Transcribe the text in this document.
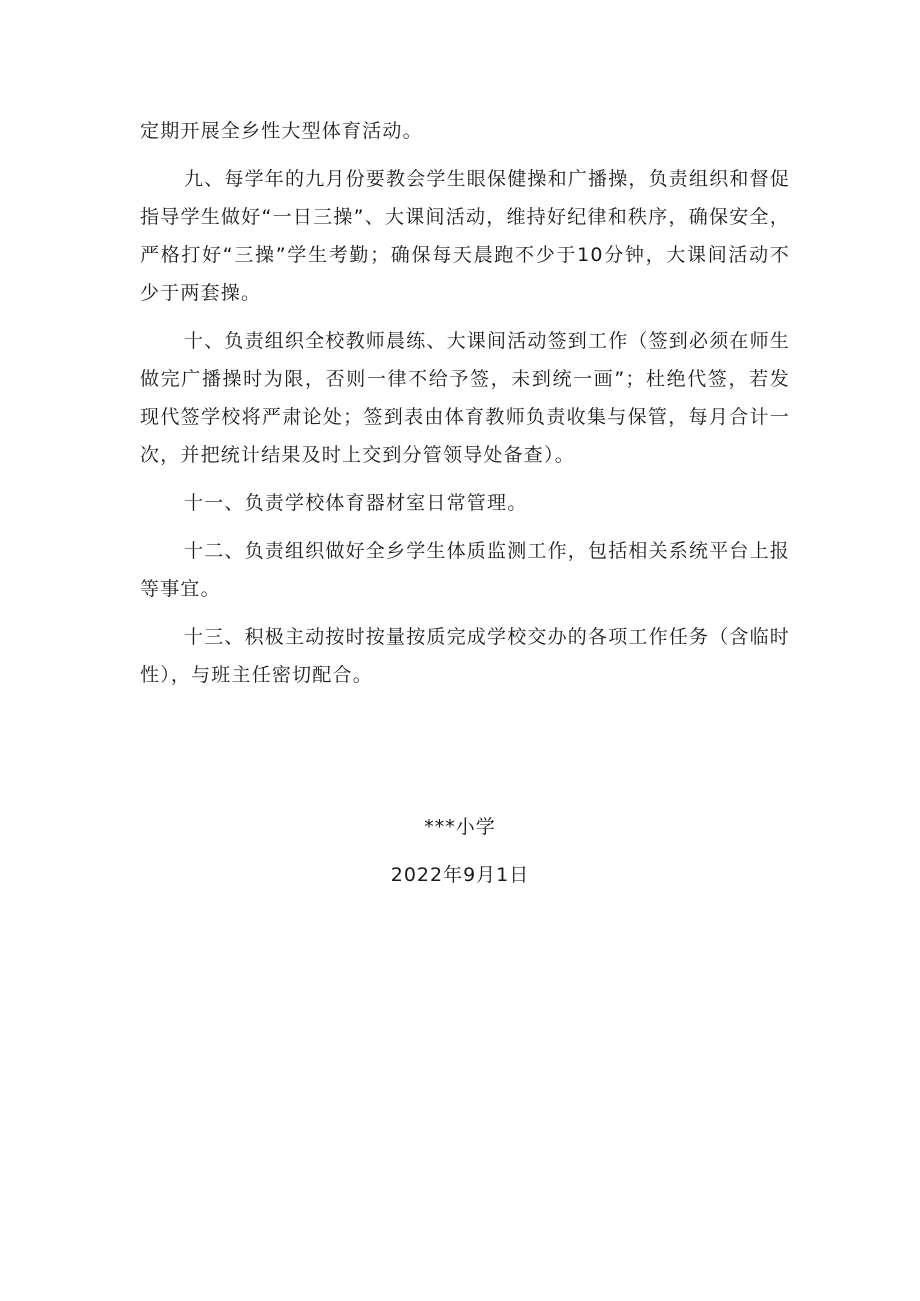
定期开展全乡性大型体育活动。

九、每学年的九月份要教会学生眼保健操和广播操，负责组织和督促指导学生做好“一日三操”、大课间活动，维持好纪律和秩序，确保安全，严格打好“三操”学生考勤；确保每天晨跑不少于10分钟，大课间活动不少于两套操。

十、负责组织全校教师晨练、大课间活动签到工作（签到必须在师生做完广播操时为限，否则一律不给予签，未到统一画”；杜绝代签，若发现代签学校将严肃论处；签到表由体育教师负责收集与保管，每月合计一次，并把统计结果及时上交到分管领导处备查）。

十一、负责学校体育器材室日常管理。

十二、负责组织做好全乡学生体质监测工作，包括相关系统平台上报等事宜。

十三、积极主动按时按量按质完成学校交办的各项工作任务（含临时性），与班主任密切配合。

***小学
2022年9月1日
